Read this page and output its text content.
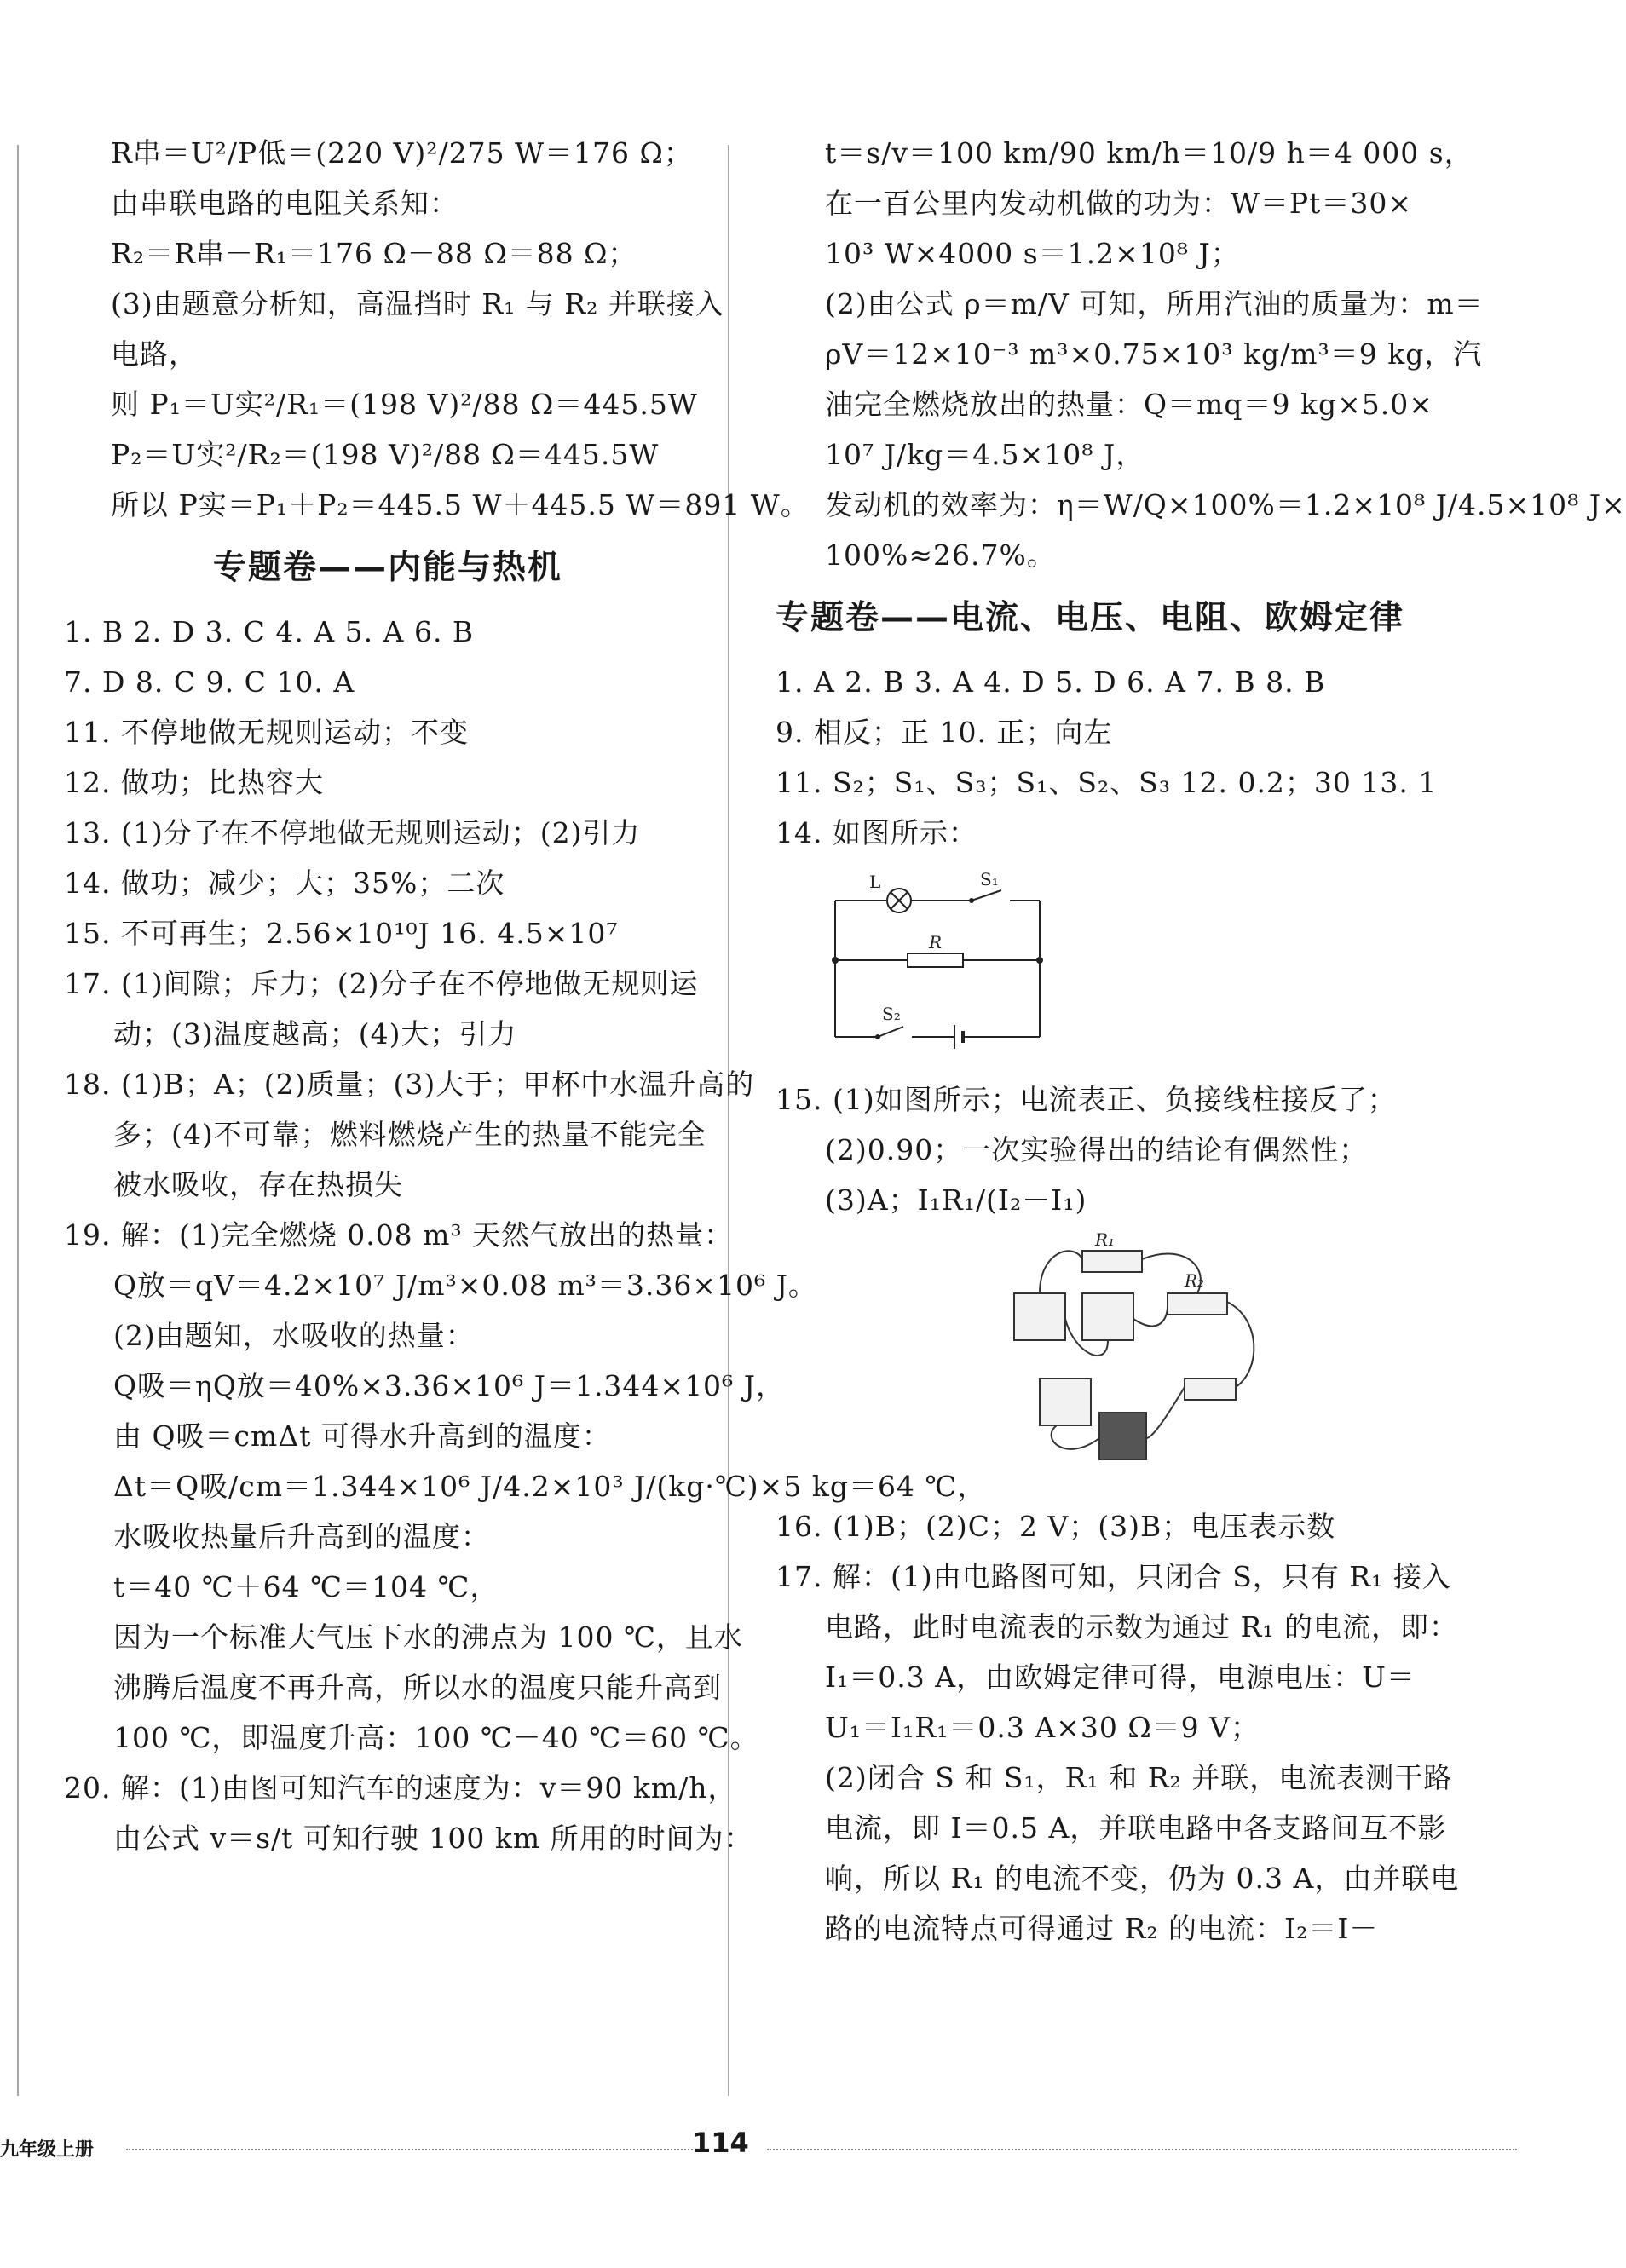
R串＝U²/P低＝(220 V)²/275 W＝176 Ω；
由串联电路的电阻关系知：
R₂＝R串－R₁＝176 Ω－88 Ω＝88 Ω；
(3)由题意分析知，高温挡时 R₁ 与 R₂ 并联接入
电路，
则 P₁＝U实²/R₁＝(198 V)²/88 Ω＝445.5W
P₂＝U实²/R₂＝(198 V)²/88 Ω＝445.5W
所以 P实＝P₁＋P₂＝445.5 W＋445.5 W＝891 W。
专题卷——内能与热机
1. B 2. D 3. C 4. A 5. A 6. B
7. D 8. C 9. C 10. A
11. 不停地做无规则运动；不变
12. 做功；比热容大
13. (1)分子在不停地做无规则运动；(2)引力
14. 做功；减少；大；35%；二次
15. 不可再生；2.56×10¹⁰J 16. 4.5×10⁷
17. (1)间隙；斥力；(2)分子在不停地做无规则运
动；(3)温度越高；(4)大；引力
18. (1)B；A；(2)质量；(3)大于；甲杯中水温升高的
多；(4)不可靠；燃料燃烧产生的热量不能完全
被水吸收，存在热损失
19. 解：(1)完全燃烧 0.08 m³ 天然气放出的热量：
Q放＝qV＝4.2×10⁷ J/m³×0.08 m³＝3.36×10⁶ J。
(2)由题知，水吸收的热量：
Q吸＝ηQ放＝40%×3.36×10⁶ J＝1.344×10⁶ J，
由 Q吸＝cmΔt 可得水升高到的温度：
Δt＝Q吸/cm＝1.344×10⁶ J/4.2×10³ J/(kg·℃)×5 kg＝64 ℃，
水吸收热量后升高到的温度：
t＝40 ℃＋64 ℃＝104 ℃，
因为一个标准大气压下水的沸点为 100 ℃，且水
沸腾后温度不再升高，所以水的温度只能升高到
100 ℃，即温度升高：100 ℃－40 ℃＝60 ℃。
20. 解：(1)由图可知汽车的速度为：v＝90 km/h，
由公式 v＝s/t 可知行驶 100 km 所用的时间为：
t＝s/v＝100 km/90 km/h＝10/9 h＝4 000 s，
在一百公里内发动机做的功为：W＝Pt＝30×
10³ W×4000 s＝1.2×10⁸ J；
(2)由公式 ρ＝m/V 可知，所用汽油的质量为：m＝
ρV＝12×10⁻³ m³×0.75×10³ kg/m³＝9 kg，汽
油完全燃烧放出的热量：Q＝mq＝9 kg×5.0×
10⁷ J/kg＝4.5×10⁸ J，
发动机的效率为：η＝W/Q×100%＝1.2×10⁸ J/4.5×10⁸ J×
100%≈26.7%。
专题卷——电流、电压、电阻、欧姆定律
1. A 2. B 3. A 4. D 5. D 6. A 7. B 8. B
9. 相反；正 10. 正；向左
11. S₂；S₁、S₃；S₁、S₂、S₃ 12. 0.2；30 13. 1
14. 如图所示：
L	S₁
R
S₂
15. (1)如图所示；电流表正、负接线柱接反了；
(2)0.90；一次实验得出的结论有偶然性；
(3)A；I₁R₁/(I₂－I₁)
R₁
R₂
16. (1)B；(2)C；2 V；(3)B；电压表示数
17. 解：(1)由电路图可知，只闭合 S，只有 R₁ 接入
电路，此时电流表的示数为通过 R₁ 的电流，即：
I₁＝0.3 A，由欧姆定律可得，电源电压：U＝
U₁＝I₁R₁＝0.3 A×30 Ω＝9 V；
(2)闭合 S 和 S₁，R₁ 和 R₂ 并联，电流表测干路
电流，即 I＝0.5 A，并联电路中各支路间互不影
响，所以 R₁ 的电流不变，仍为 0.3 A，由并联电
路的电流特点可得通过 R₂ 的电流：I₂＝I－
九年级上册	114
